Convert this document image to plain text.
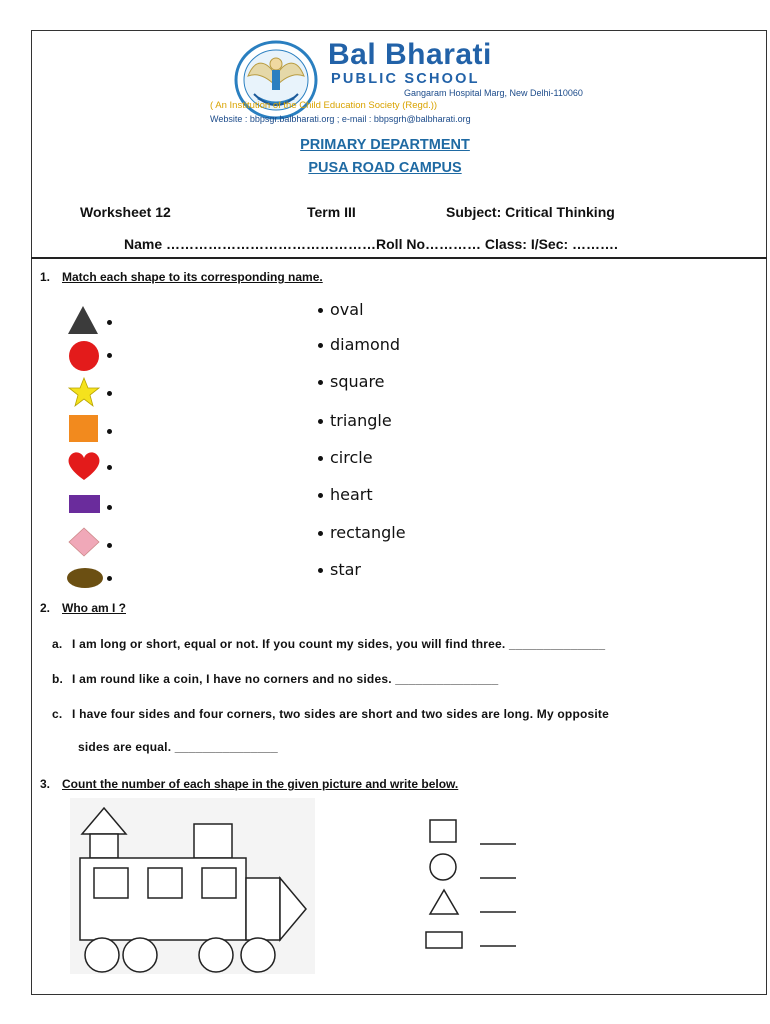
Bal Bharati
PUBLIC SCHOOL
Gangaram Hospital Marg, New Delhi-110060
( An Institution of the Child Education Society (Regd.))
Website : bbpsgr.balbharati.org ; e-mail : bbpsgrh@balbharati.org
PRIMARY DEPARTMENT
PUSA ROAD CAMPUS
Worksheet 12	Term III	Subject: Critical Thinking
Name ………………………………………Roll No………… Class: I/Sec: ……….
1. Match each shape to its corresponding name.
oval
diamond
square
triangle
circle
heart
rectangle
star
2. Who am I ?
a. I am long or short, equal or not. If you count my sides, you will find three. ______________
b. I am round like a coin, I have no corners and no sides. _______________
c. I have four sides and four corners, two sides are short and two sides are long. My opposite
sides are equal. _______________
3. Count the number of each shape in the given picture and write below.
